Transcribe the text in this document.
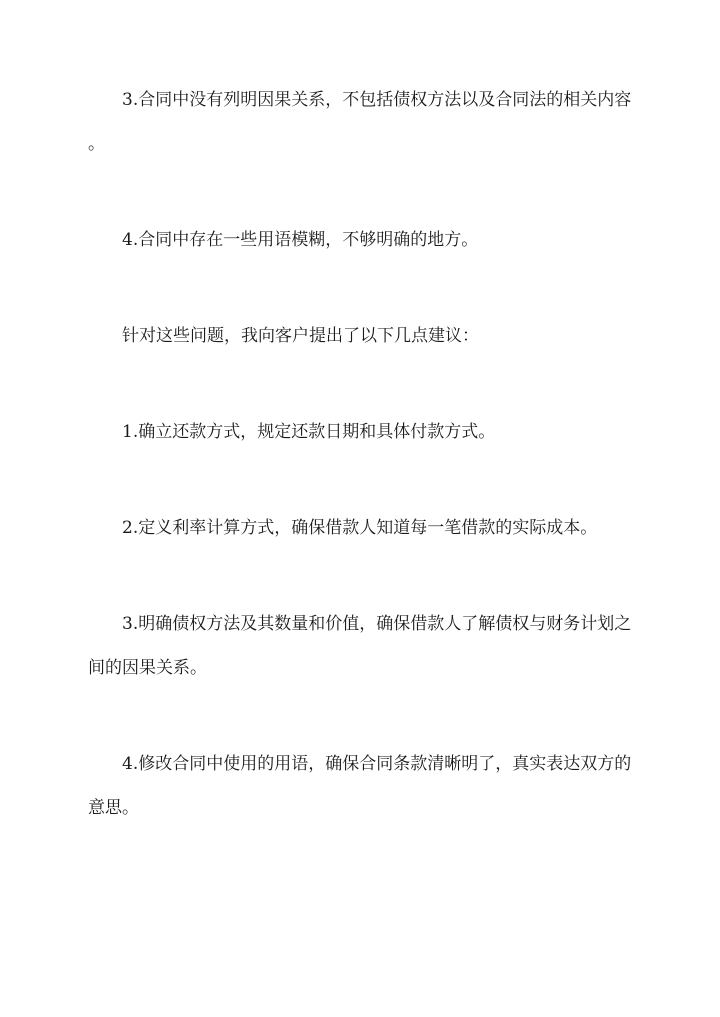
3.合同中没有列明因果关系，不包括债权方法以及合同法的相关内容
。
4.合同中存在一些用语模糊，不够明确的地方。
针对这些问题，我向客户提出了以下几点建议：
1.确立还款方式，规定还款日期和具体付款方式。
2.定义利率计算方式，确保借款人知道每一笔借款的实际成本。
3.明确债权方法及其数量和价值，确保借款人了解债权与财务计划之
间的因果关系。
4.修改合同中使用的用语，确保合同条款清晰明了，真实表达双方的
意思。
